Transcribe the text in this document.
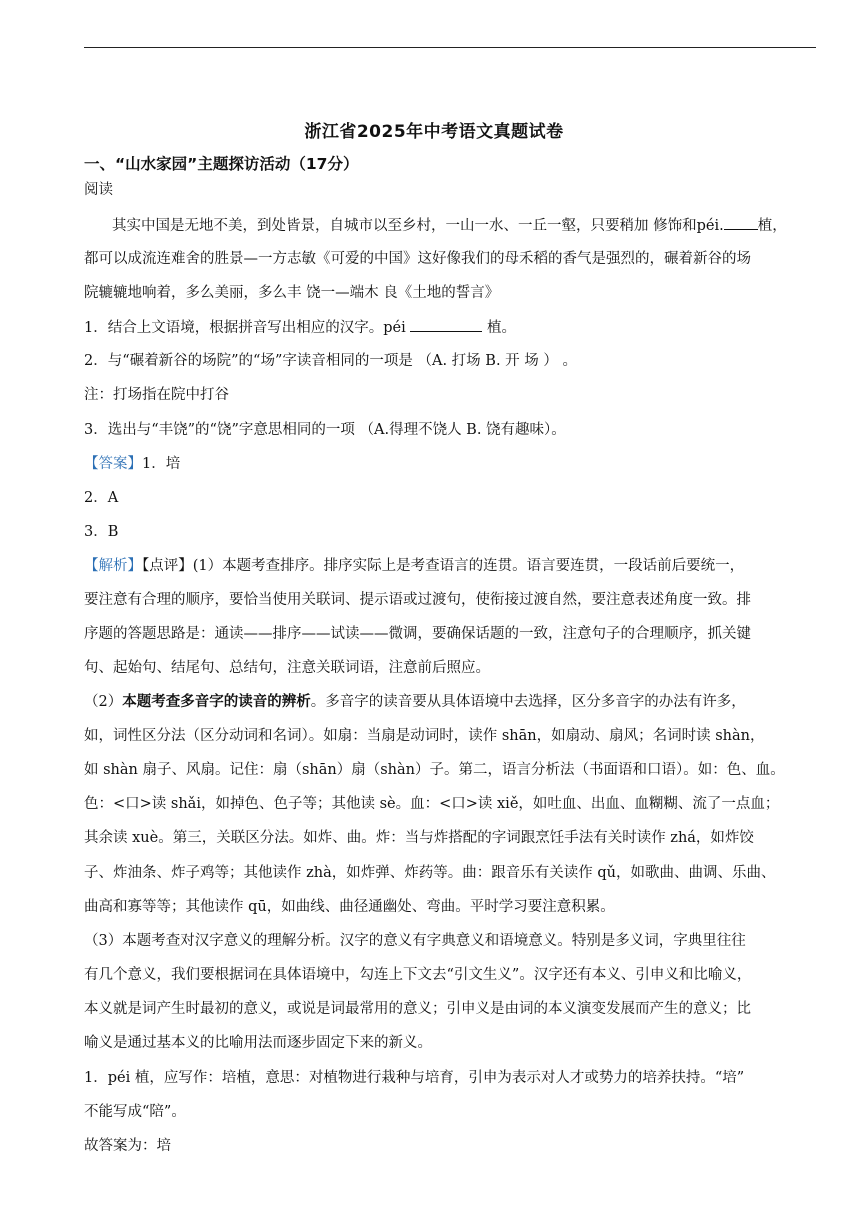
浙江省2025年中考语文真题试卷
一、“山水家园”主题探访活动（17分）
阅读
其实中国是无地不美，到处皆景，自城市以至乡村，一山一水、一丘一壑，只要稍加 修饰和péi. 植，
都可以成流连难舍的胜景—一方志敏《可爱的中国》这好像我们的母禾稻的香气是强烈的，碾着新谷的场
院辘辘地响着，多么美丽，多么丰 饶一—端木 良《土地的誓言》
1．结合上文语境，根据拼音写出相应的汉字。péi	植。
2．与“碾着新谷的场院”的“场”字读音相同的一项是 （A. 打场 B. 开 场 ） 。
注：打场指在院中打谷
3．选出与“丰饶”的“饶”字意思相同的一项 （A.得理不饶人 B. 饶有趣味）。
【答案】1．培
2．A
3．B
【解析】【点评】(1）本题考查排序。排序实际上是考查语言的连贯。语言要连贯，一段话前后要统一，
要注意有合理的顺序，要恰当使用关联词、提示语或过渡句，使衔接过渡自然，要注意表述角度一致。排
序题的答题思路是：通读——排序——试读——微调，要确保话题的一致，注意句子的合理顺序，抓关键
句、起始句、结尾句、总结句，注意关联词语，注意前后照应。
（2）本题考查多音字的读音的辨析。多音字的读音要从具体语境中去选择，区分多音字的办法有许多，
如，词性区分法（区分动词和名词）。如扇：当扇是动词时，读作 shān，如扇动、扇风；名词时读 shàn，
如 shàn 扇子、风扇。记住：扇（shān）扇（shàn）子。第二，语言分析法（书面语和口语）。如：色、血。
色：<口>读 shǎi，如掉色、色子等；其他读 sè。血：<口>读 xiě，如吐血、出血、血糊糊、流了一点血；
其余读 xuè。第三，关联区分法。如炸、曲。炸：当与炸搭配的字词跟烹饪手法有关时读作 zhá，如炸饺
子、炸油条、炸子鸡等；其他读作 zhà，如炸弹、炸药等。曲：跟音乐有关读作 qǔ，如歌曲、曲调、乐曲、
曲高和寡等等；其他读作 qū，如曲线、曲径通幽处、弯曲。平时学习要注意积累。
（3）本题考查对汉字意义的理解分析。汉字的意义有字典意义和语境意义。特别是多义词，字典里往往
有几个意义，我们要根据词在具体语境中，勾连上下文去“引文生义”。汉字还有本义、引申义和比喻义，
本义就是词产生时最初的意义，或说是词最常用的意义；引申义是由词的本义演变发展而产生的意义；比
喻义是通过基本义的比喻用法而逐步固定下来的新义。
1．péi 植，应写作：培植，意思：对植物进行栽种与培育，引申为表示对人才或势力的培养扶持。“培”
不能写成“陪”。
故答案为：培
